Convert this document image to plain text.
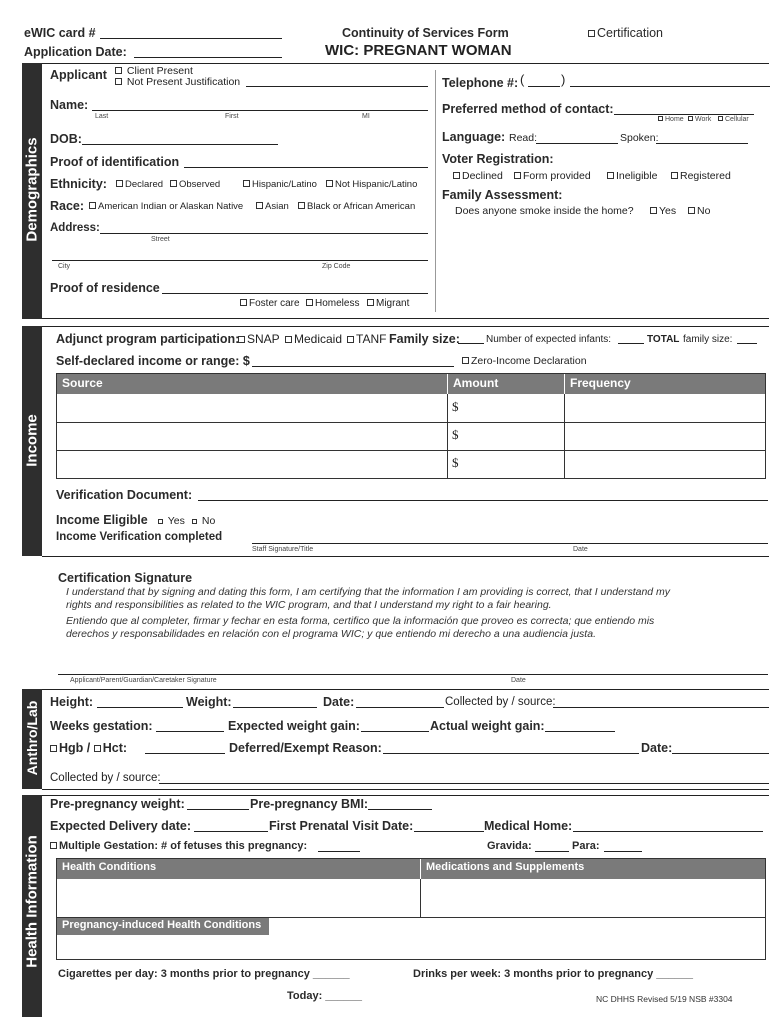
eWIC card #
Application Date:
Continuity of Services Form
WIC: PREGNANT WOMAN
Certification
Demographics
Applicant	Client Present
Not Present Justification	Telephone #: (	)
Name:
Last	First	MI
Preferred method of contact:
Home	Work	Cellular
DOB:	Language: Read:	Spoken:
Proof of identification	Voter Registration:
Declined	Form provided	Ineligible	Registered
Ethnicity:	Declared	Observed	Hispanic/Latino	Not Hispanic/Latino
Family Assessment:
Does anyone smoke inside the home?	Yes	No
Race:	American Indian or Alaskan Native	Asian	Black or African American
Address:
Street
City	Zip Code
Proof of residence
Foster care	Homeless	Migrant
Income
Adjunct program participation: SNAP	Medicaid	TANF Family size:	Number of expected infants:	TOTAL family size:
Self-declared income or range: $	Zero-Income Declaration
Source	Amount	Frequency
$
$
$
Verification Document:
Income Eligible	Yes	No
Income Verification completed
Staff Signature/Title	Date
Certification Signature
I understand that by signing and dating this form, I am certifying that the information I am providing is correct, that I understand my
rights and responsibilities as related to the WIC program, and that I understand my right to a fair hearing.
Entiendo que al completer, firmar y fechar en esta forma, certifico que la información que proveo es correcta; que entiendo mis
derechos y responsabilidades en relación con el programa WIC; y que entiendo mi derecho a una audiencia justa.
Applicant/Parent/Guardian/Caretaker Signature	Date
Anthro/Lab Height:	Weight:	Date:	Collected by / source:
Weeks gestation:	Expected weight gain:	Actual weight gain:
Hgb / Hct:	Deferred/Exempt Reason:	Date:
Collected by / source:
Health Information
Pre-pregnancy weight:	Pre-pregnancy BMI:
Expected Delivery date:	First Prenatal Visit Date:	Medical Home:
Multiple Gestation: # of fetuses this pregnancy:	Gravida:	Para:
Health Conditions	Medications and Supplements
Pregnancy-induced Health Conditions
Cigarettes per day: 3 months prior to pregnancy ______	Drinks per week: 3 months prior to pregnancy ______
Today: ______	NC DHHS Revised 5/19 NSB #3304
